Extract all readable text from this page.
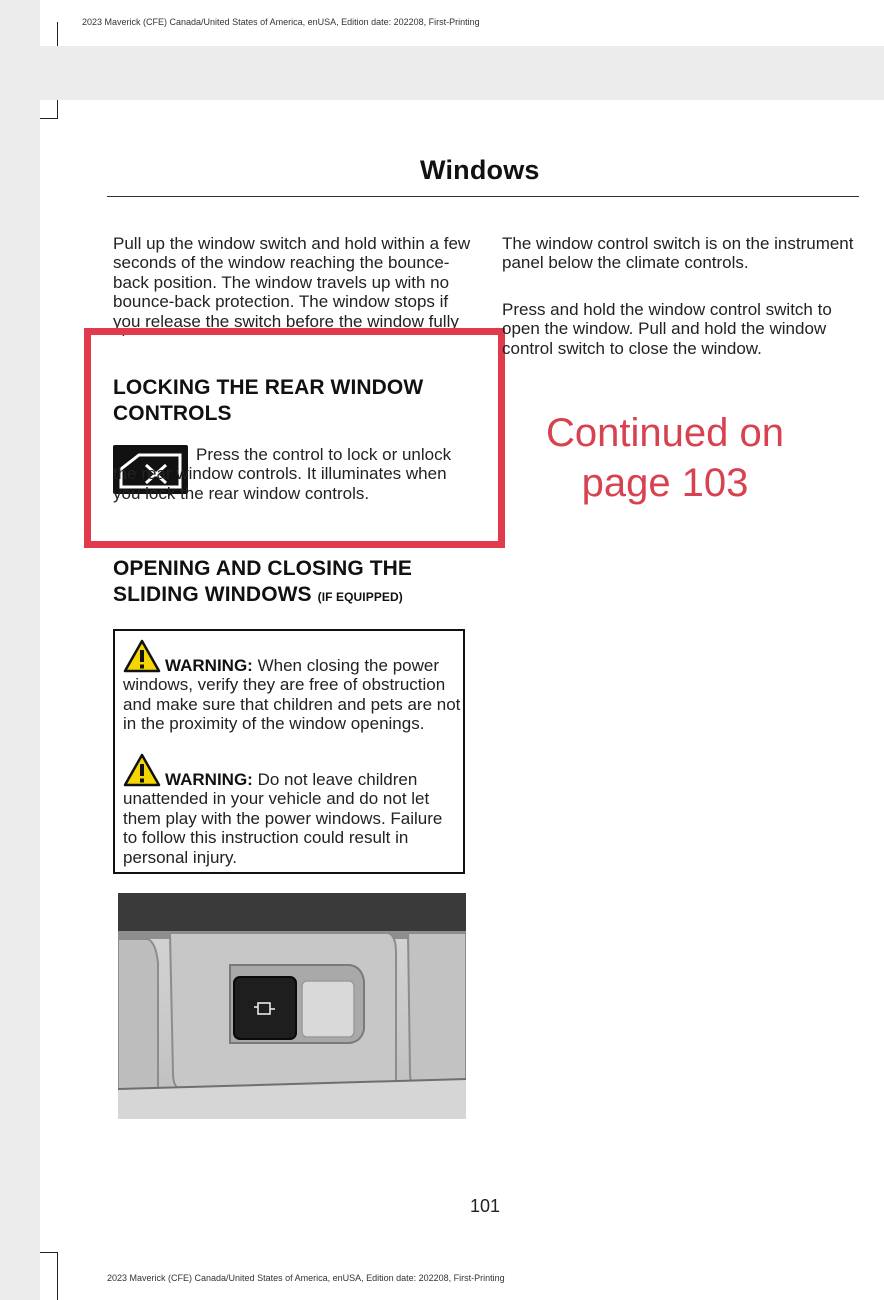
2023 Maverick (CFE) Canada/United States of America, enUSA, Edition date: 202208, First-Printing
Windows

Pull up the window switch and hold within a few seconds of the window reaching the bounce-back position. The window travels up with no bounce-back protection. The window stops if you release the switch before the window fully

LOCKING THE REAR WINDOW CONTROLS

Press the control to lock or unlock the rear window controls. It illuminates when you lock the rear window controls.

OPENING AND CLOSING THE SLIDING WINDOWS (IF EQUIPPED)

WARNING: When closing the power windows, verify they are free of obstruction and make sure that children and pets are not in the proximity of the window openings.

WARNING: Do not leave children unattended in your vehicle and do not let them play with the power windows. Failure to follow this instruction could result in personal injury.

The window control switch is on the instrument panel below the climate controls.

Press and hold the window control switch to open the window. Pull and hold the window control switch to close the window.

Continued on
page 103
101
2023 Maverick (CFE) Canada/United States of America, enUSA, Edition date: 202208, First-Printing
